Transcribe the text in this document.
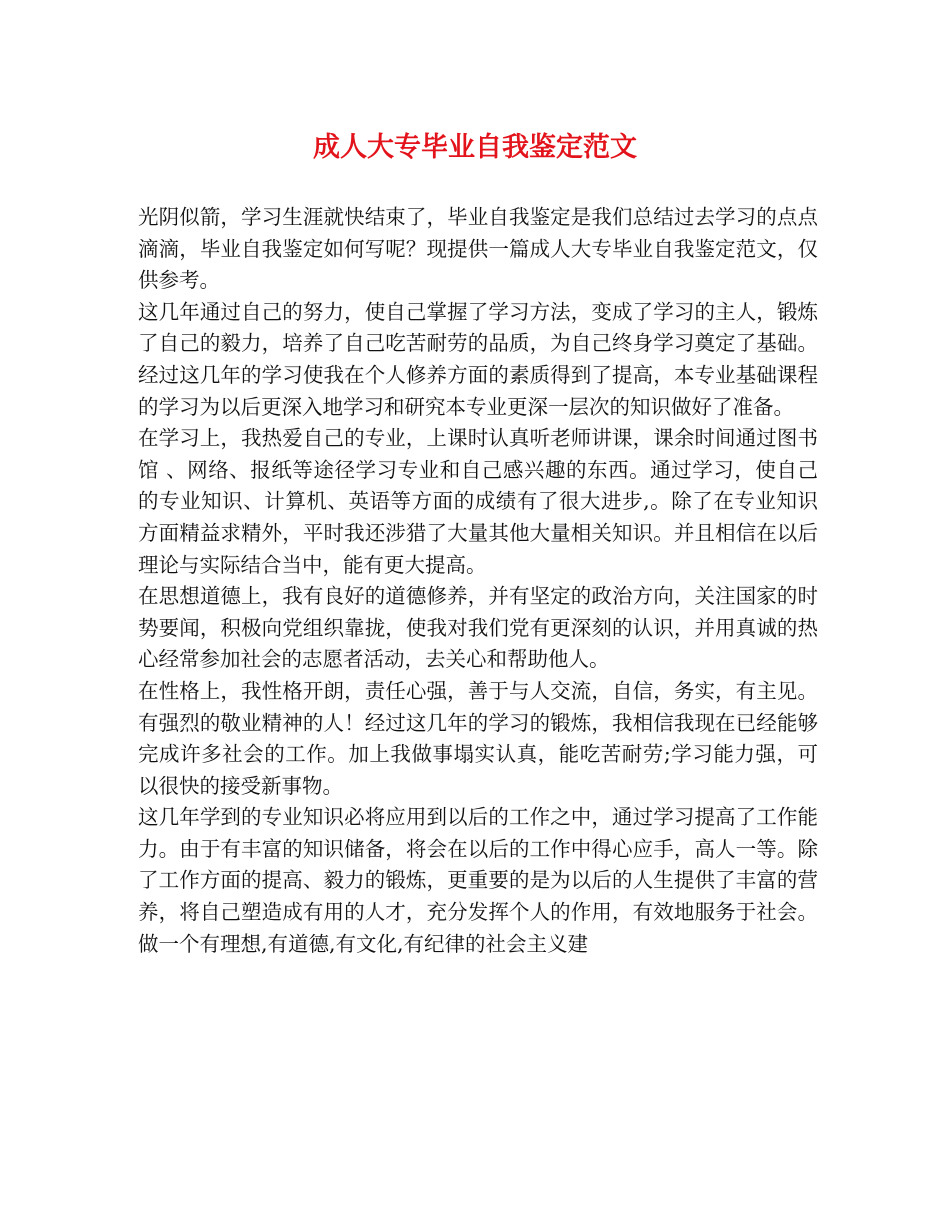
成人大专毕业自我鉴定范文

光阴似箭，学习生涯就快结束了，毕业自我鉴定是我们总结过去学习的点点滴滴，毕业自我鉴定如何写呢？现提供一篇成人大专毕业自我鉴定范文，仅供参考。

这几年通过自己的努力，使自己掌握了学习方法，变成了学习的主人，锻炼了自己的毅力，培养了自己吃苦耐劳的品质，为自己终身学习奠定了基础。经过这几年的学习使我在个人修养方面的素质得到了提高，本专业基础课程的学习为以后更深入地学习和研究本专业更深一层次的知识做好了准备。

在学习上，我热爱自己的专业，上课时认真听老师讲课，课余时间通过图书馆 、网络、报纸等途径学习专业和自己感兴趣的东西。通过学习，使自己的专业知识、计算机、英语等方面的成绩有了很大进步,。除了在专业知识方面精益求精外，平时我还涉猎了大量其他大量相关知识。并且相信在以后理论与实际结合当中，能有更大提高。

在思想道德上，我有良好的道德修养，并有坚定的政治方向，关注国家的时势要闻，积极向党组织靠拢，使我对我们党有更深刻的认识，并用真诚的热心经常参加社会的志愿者活动，去关心和帮助他人。

在性格上，我性格开朗，责任心强，善于与人交流，自信，务实，有主见。 有强烈的敬业精神的人！经过这几年的学习的锻炼，我相信我现在已经能够完成许多社会的工作。加上我做事塌实认真，能吃苦耐劳;学习能力强，可以很快的接受新事物。

这几年学到的专业知识必将应用到以后的工作之中，通过学习提高了工作能力。由于有丰富的知识储备，将会在以后的工作中得心应手，高人一等。除了工作方面的提高、毅力的锻炼，更重要的是为以后的人生提供了丰富的营养，将自己塑造成有用的人才，充分发挥个人的作用，有效地服务于社会。做一个有理想,有道德,有文化,有纪律的社会主义建
